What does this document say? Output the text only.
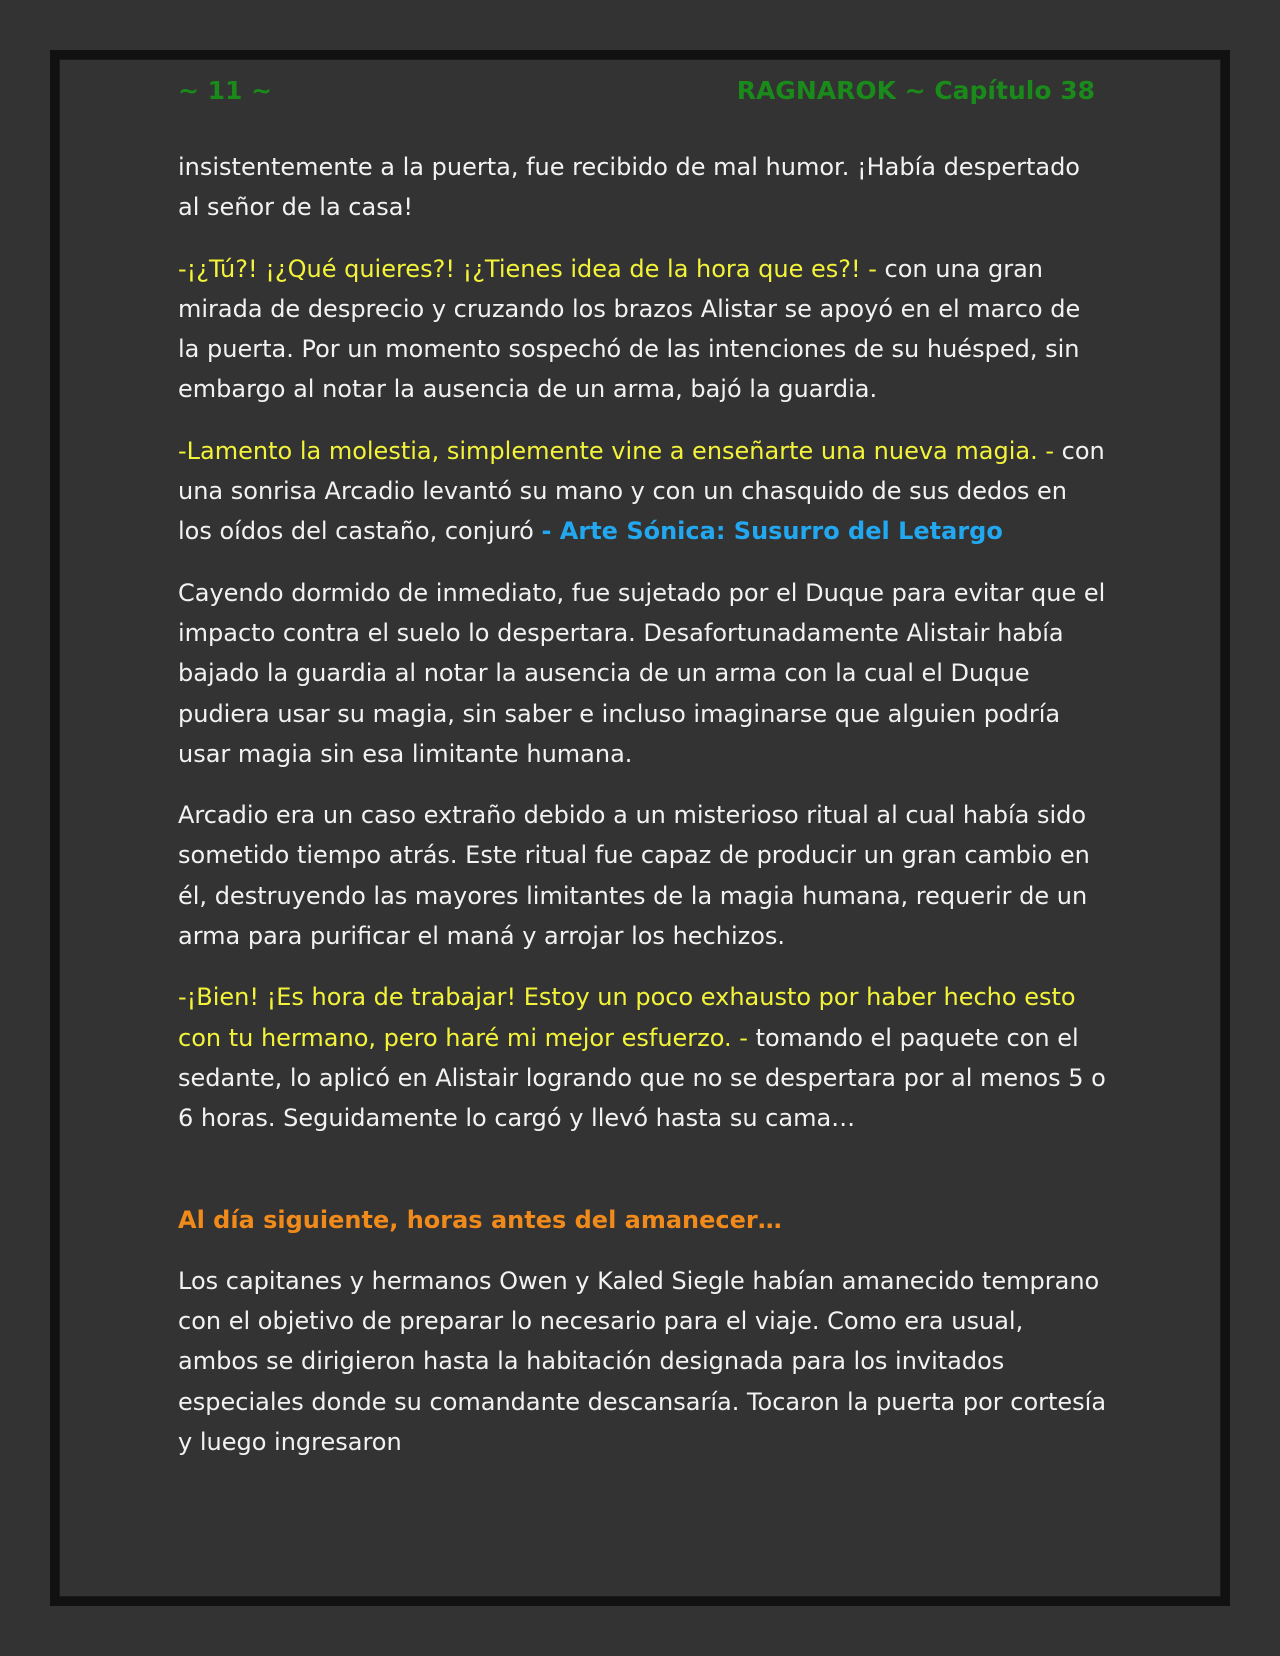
~ 11 ~	RAGNAROK ~ Capítulo 38

insistentemente a la puerta, fue recibido de mal humor. ¡Había despertado al señor de la casa!

-¡¿Tú?! ¡¿Qué quieres?! ¡¿Tienes idea de la hora que es?! - con una gran mirada de desprecio y cruzando los brazos Alistar se apoyó en el marco de la puerta. Por un momento sospechó de las intenciones de su huésped, sin embargo al notar la ausencia de un arma, bajó la guardia.

-Lamento la molestia, simplemente vine a enseñarte una nueva magia. - con una sonrisa Arcadio levantó su mano y con un chasquido de sus dedos en los oídos del castaño, conjuró - Arte Sónica: Susurro del Letargo

Cayendo dormido de inmediato, fue sujetado por el Duque para evitar que el impacto contra el suelo lo despertara. Desafortunadamente Alistair había bajado la guardia al notar la ausencia de un arma con la cual el Duque pudiera usar su magia, sin saber e incluso imaginarse que alguien podría usar magia sin esa limitante humana.

Arcadio era un caso extraño debido a un misterioso ritual al cual había sido sometido tiempo atrás. Este ritual fue capaz de producir un gran cambio en él, destruyendo las mayores limitantes de la magia humana, requerir de un arma para purificar el maná y arrojar los hechizos.

-¡Bien! ¡Es hora de trabajar! Estoy un poco exhausto por haber hecho esto con tu hermano, pero haré mi mejor esfuerzo. - tomando el paquete con el sedante, lo aplicó en Alistair logrando que no se despertara por al menos 5 o 6 horas. Seguidamente lo cargó y llevó hasta su cama…

Al día siguiente, horas antes del amanecer…

Los capitanes y hermanos Owen y Kaled Siegle habían amanecido temprano con el objetivo de preparar lo necesario para el viaje. Como era usual, ambos se dirigieron hasta la habitación designada para los invitados especiales donde su comandante descansaría. Tocaron la puerta por cortesía y luego ingresaron
